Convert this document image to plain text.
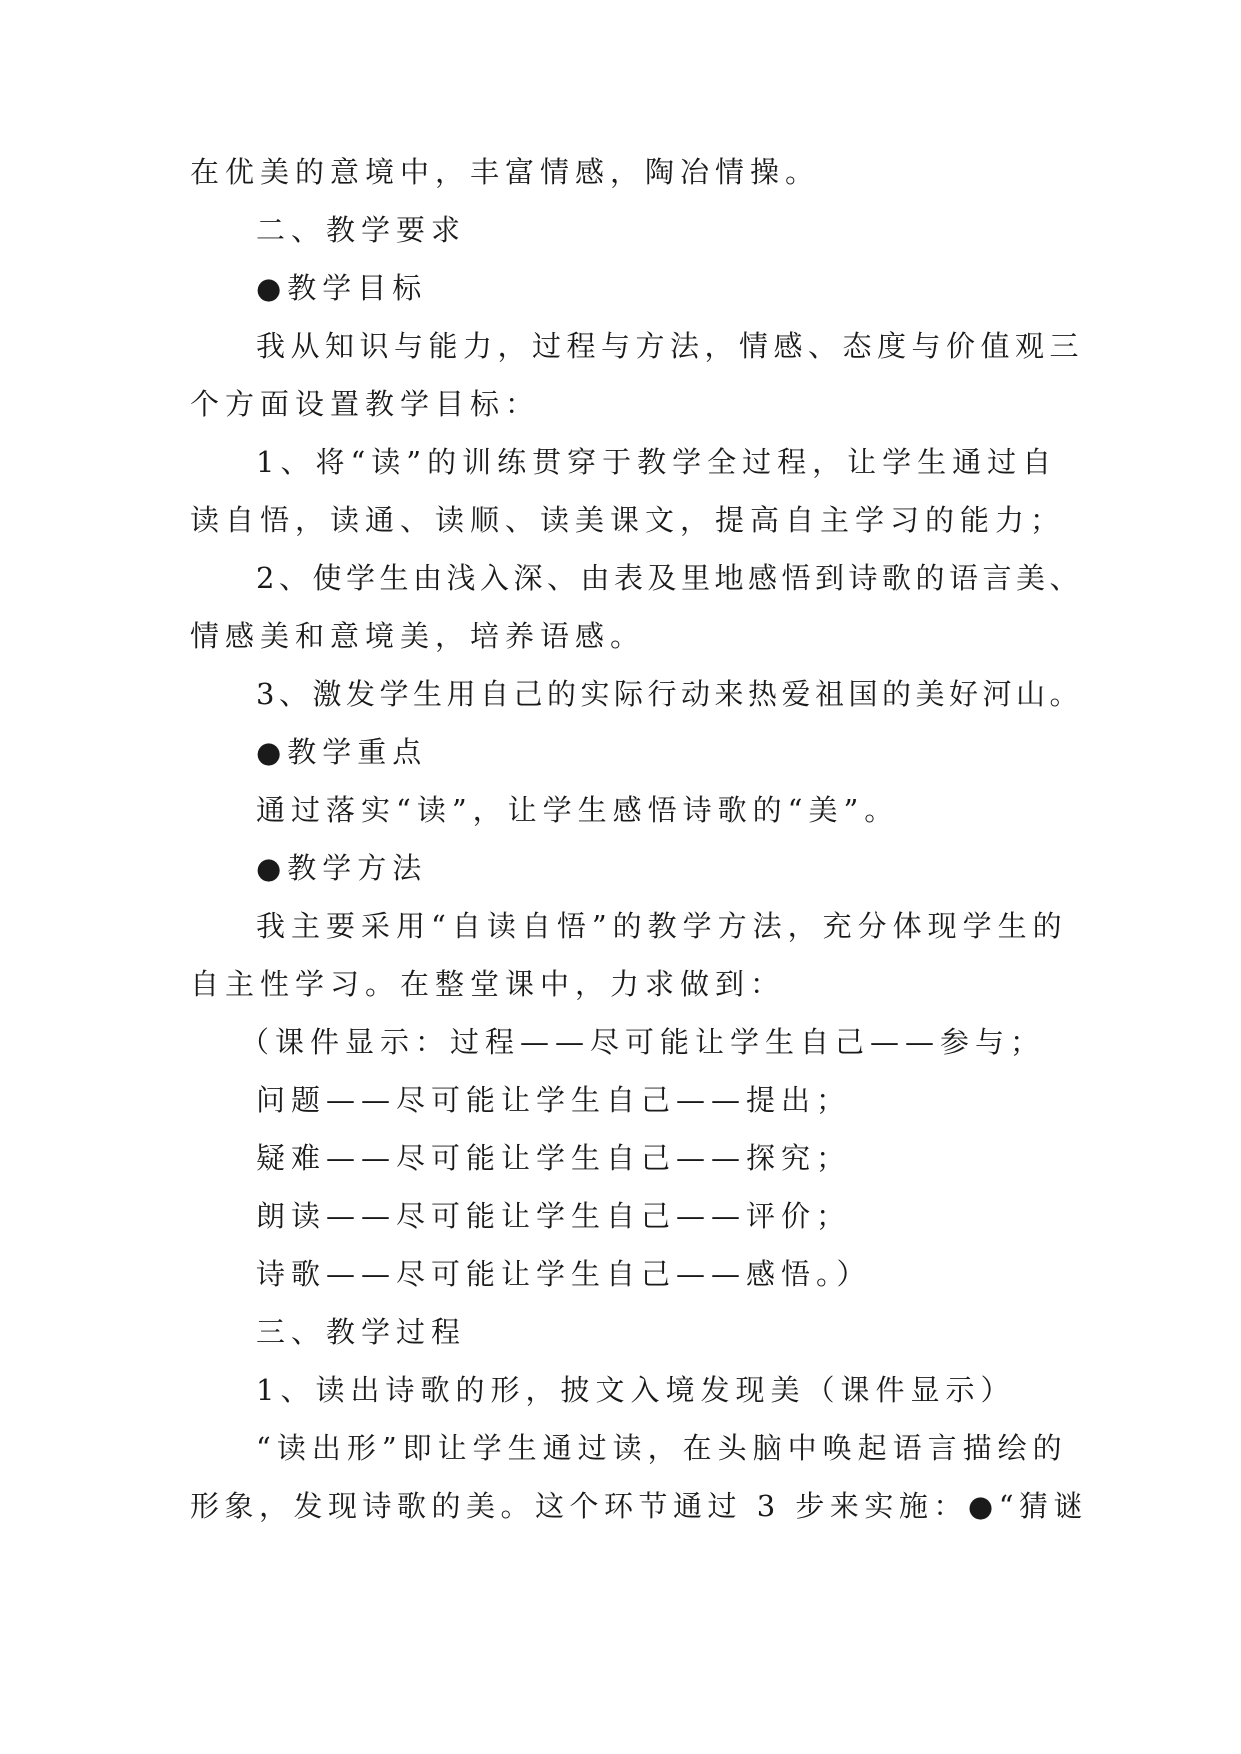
在优美的意境中，丰富情感，陶冶情操。
二、教学要求
●教学目标
我从知识与能力，过程与方法，情感、态度与价值观三
个方面设置教学目标：
1、将“读”的训练贯穿于教学全过程，让学生通过自
读自悟，读通、读顺、读美课文，提高自主学习的能力；
2、使学生由浅入深、由表及里地感悟到诗歌的语言美、
情感美和意境美，培养语感。
3、激发学生用自己的实际行动来热爱祖国的美好河山。
●教学重点
通过落实“读”，让学生感悟诗歌的“美”。
●教学方法
我主要采用“自读自悟”的教学方法，充分体现学生的
自主性学习。在整堂课中，力求做到：
（课件显示：过程——尽可能让学生自己——参与；
问题——尽可能让学生自己——提出；
疑难——尽可能让学生自己——探究；
朗读——尽可能让学生自己——评价；
诗歌——尽可能让学生自己——感悟。）
三、教学过程
1、读出诗歌的形，披文入境发现美（课件显示）
“读出形”即让学生通过读，在头脑中唤起语言描绘的
形象，发现诗歌的美。这个环节通过 3 步来实施：●“猜谜
